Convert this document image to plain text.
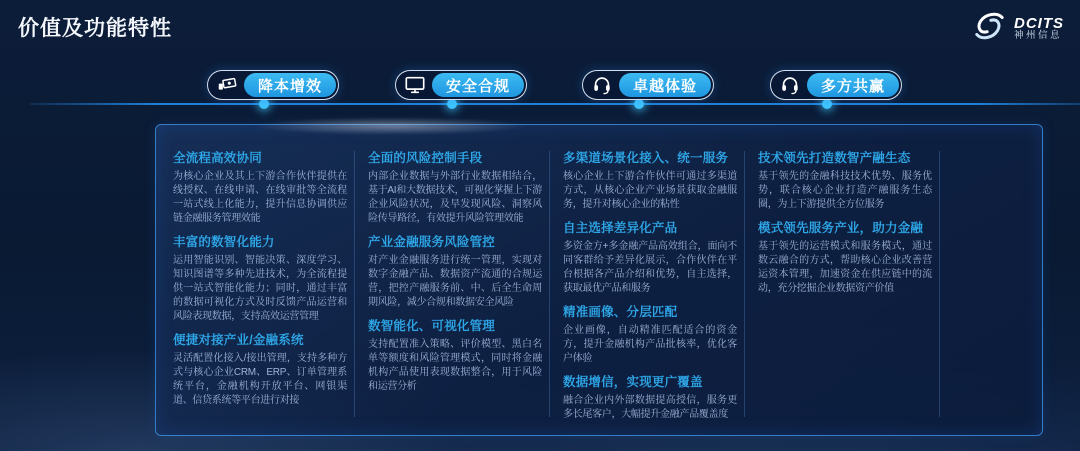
价值及功能特性	DCITS
神州信息
降本增效	安全合规	卓越体验	多方共赢
全流程高效协同
为核心企业及其上下游合作伙伴提供在线授权、在线申请、在线审批等全流程一站式线上化能力，提升信息协调供应链金融服务管理效能
丰富的数智化能力
运用智能识别、智能决策、深度学习、知识图谱等多种先进技术，为全流程提供一站式智能化能力；同时，通过丰富的数据可视化方式及时反馈产品运营和风险表现数据，支持高效运营管理
便捷对接产业/金融系统
灵活配置化接入/接出管理，支持多种方式与核心企业CRM、ERP、订单管理系统平台，金融机构开放平台、网银渠道、信贷系统等平台进行对接
全面的风险控制手段
内部企业数据与外部行业数据相结合，基于AI和大数据技术，可视化掌握上下游企业风险状况，及早发现风险、洞察风险传导路径，有效提升风险管理效能
产业金融服务风险管控
对产业金融服务进行统一管理，实现对数字金融产品、数据资产流通的合规运营，把控产融服务前、中、后全生命周期风险，减少合规和数据安全风险
数智能化、可视化管理
支持配置准入策略、评价模型、黑白名单等额度和风险管理模式，同时将金融机构产品使用表现数据整合，用于风险和运营分析
多渠道场景化接入、统一服务
核心企业上下游合作伙伴可通过多渠道方式，从核心企业产业场景获取金融服务，提升对核心企业的粘性
自主选择差异化产品
多资金方+多金融产品高效组合，面向不同客群给予差异化展示，合作伙伴在平台根据各产品介绍和优势，自主选择，获取最优产品和服务
精准画像、分层匹配
企业画像，自动精准匹配适合的资金方，提升金融机构产品批核率，优化客户体验
数据增信，实现更广覆盖
融合企业内外部数据提高授信，服务更多长尾客户，大幅提升金融产品覆盖度
技术领先打造数智产融生态
基于领先的金融科技技术优势、服务优势，联合核心企业打造产融服务生态圈，为上下游提供全方位服务
模式领先服务产业，助力金融
基于领先的运营模式和服务模式，通过数云融合的方式，帮助核心企业改善营运资本管理，加速资金在供应链中的流动，充分挖掘企业数据资产价值
